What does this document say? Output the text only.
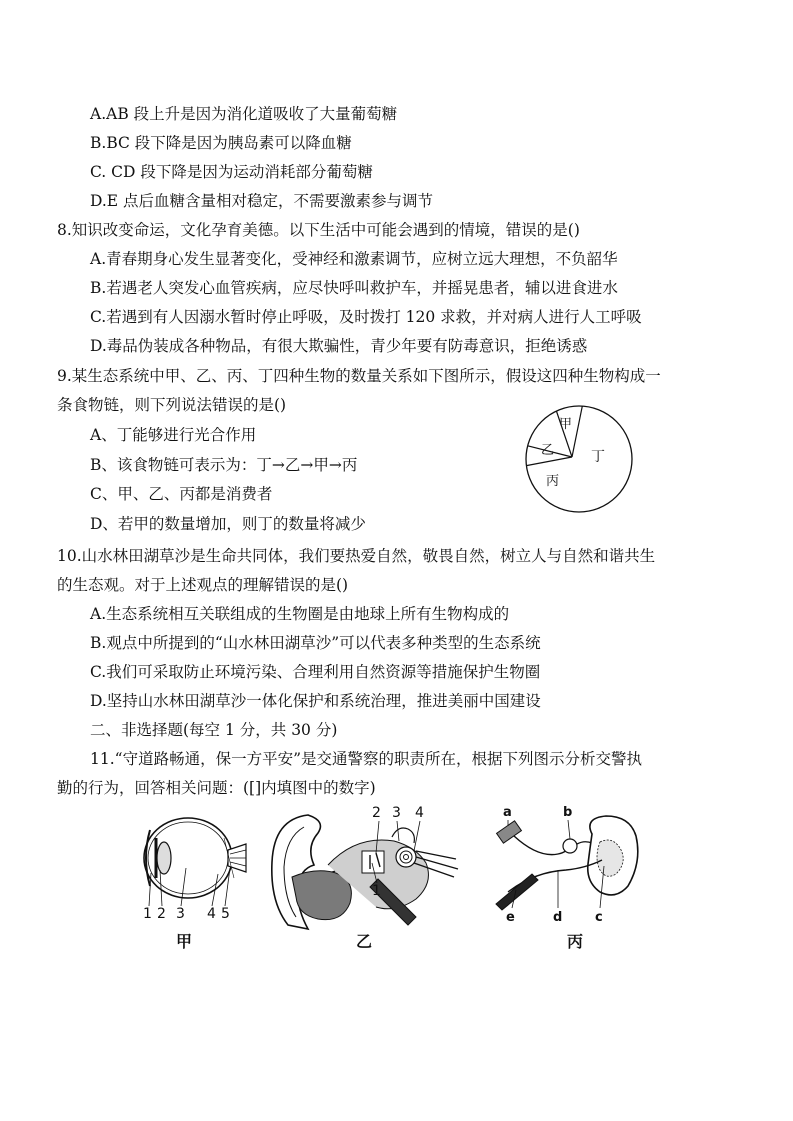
A.AB 段上升是因为消化道吸收了大量葡萄糖
B.BC 段下降是因为胰岛素可以降血糖
C. CD 段下降是因为运动消耗部分葡萄糖
D.E 点后血糖含量相对稳定，不需要激素参与调节
8.知识改变命运，文化孕育美德。以下生活中可能会遇到的情境，错误的是()
A.青春期身心发生显著变化，受神经和激素调节，应树立远大理想，不负韶华
B.若遇老人突发心血管疾病，应尽快呼叫救护车，并摇晃患者，辅以进食进水
C.若遇到有人因溺水暂时停止呼吸，及时拨打 120 求救，并对病人进行人工呼吸
D.毒品伪装成各种物品，有很大欺骗性，青少年要有防毒意识，拒绝诱惑
9.某生态系统中甲、乙、丙、丁四种生物的数量关系如下图所示，假设这四种生物构成一
条食物链，则下列说法错误的是()
A、丁能够进行光合作用
B、该食物链可表示为：丁→乙→甲→丙
C、甲、乙、丙都是消费者
D、若甲的数量增加，则丁的数量将减少
甲
乙
丙
丁
10.山水林田湖草沙是生命共同体，我们要热爱自然，敬畏自然，树立人与自然和谐共生
的生态观。对于上述观点的理解错误的是()
A.生态系统相互关联组成的生物圈是由地球上所有生物构成的
B.观点中所提到的“山水林田湖草沙”可以代表多种类型的生态系统
C.我们可采取防止环境污染、合理利用自然资源等措施保护生物圈
D.坚持山水林田湖草沙一体化保护和系统治理，推进美丽中国建设
二、非选择题(每空 1 分，共 30 分)
11.“守道路畅通，保一方平安”是交通警察的职责所在，根据下列图示分析交警执
勤的行为，回答相关问题：([]内填图中的数字)
1 2 3 4 5
甲
2 3 4
1
乙
a	b
e	d	c
丙
